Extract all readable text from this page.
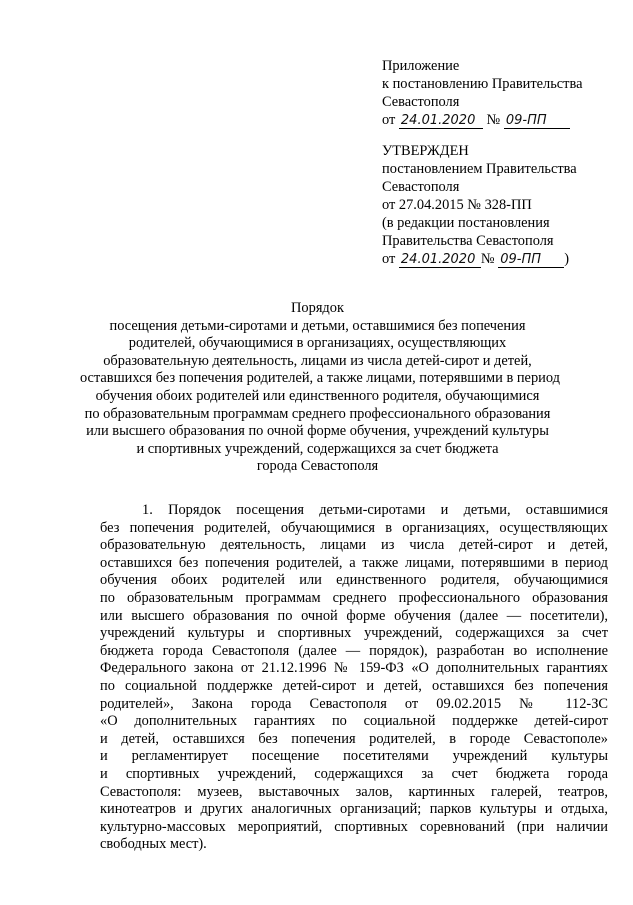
Приложение
к постановлению Правительства
Севастополя
от 24.01.2020 № 09-ПП
УТВЕРЖДЕН
постановлением Правительства
Севастополя
от 27.04.2015 № 328-ПП
(в редакции постановления
Правительства Севастополя
от 24.01.2020 № 09-ПП )
Порядок
посещения детьми-сиротами и детьми, оставшимися без попечения
родителей, обучающимися в организациях, осуществляющих
образовательную деятельность, лицами из числа детей-сирот и детей,
оставшихся без попечения родителей, а также лицами, потерявшими в период
обучения обоих родителей или единственного родителя, обучающимися
по образовательным программам среднего профессионального образования
или высшего образования по очной форме обучения, учреждений культуры
и спортивных учреждений, содержащихся за счет бюджета
города Севастополя
1. Порядок посещения детьми-сиротами и детьми, оставшимися
без попечения родителей, обучающимися в организациях, осуществляющих
образовательную деятельность, лицами из числа детей-сирот и детей,
оставшихся без попечения родителей, а также лицами, потерявшими в период
обучения обоих родителей или единственного родителя, обучающимися
по образовательным программам среднего профессионального образования
или высшего образования по очной форме обучения (далее — посетители),
учреждений культуры и спортивных учреждений, содержащихся за счет
бюджета города Севастополя (далее — порядок), разработан во исполнение
Федерального закона от 21.12.1996 № 159-ФЗ «О дополнительных гарантиях
по социальной поддержке детей-сирот и детей, оставшихся без попечения
родителей», Закона города Севастополя от 09.02.2015 № 112-ЗС
«О дополнительных гарантиях по социальной поддержке детей-сирот
и детей, оставшихся без попечения родителей, в городе Севастополе»
и регламентирует посещение посетителями учреждений культуры
и спортивных учреждений, содержащихся за счет бюджета города
Севастополя: музеев, выставочных залов, картинных галерей, театров,
кинотеатров и других аналогичных организаций; парков культуры и отдыха,
культурно-массовых мероприятий, спортивных соревнований (при наличии
свободных мест).
